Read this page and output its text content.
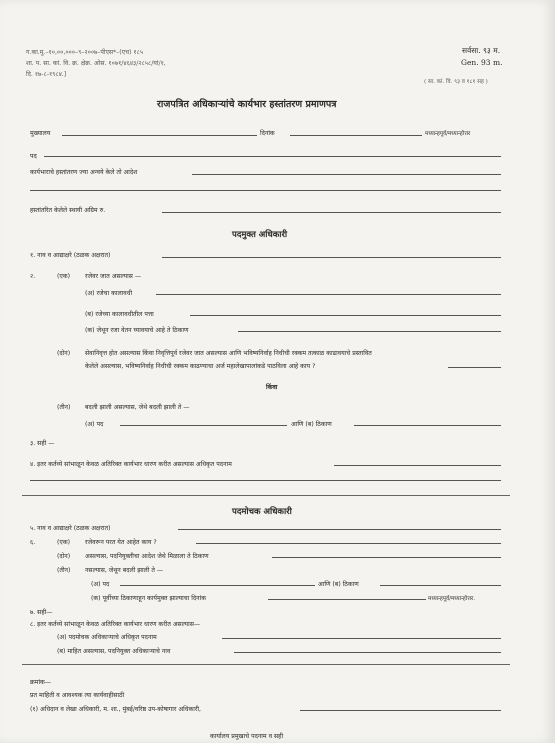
ग.का.मु.–१०,००,०००–९–२००७–पीएस*–(एच) १८५
शा. प. सा. कां. वि. क्र. क्षेक्र. ओस. १०७१/४६४३/२८५८/यां/१,
दि. १७-८-१९८४.]
सर्वसा. ९३ म.
Gen. 93 m.
( सा. कां. वि. ९३ व १८१ सह )
राजपत्रित अधिकाऱ्यांचे कार्यभार हस्तांतरण प्रमाणपत्र
मुख्यालय	दिनांक	मध्यान्हपूर्व/मध्यान्होत्तर
पद
कार्यभाराचे हस्तांतरण ज्या अन्वये केले तो आदेश
हस्तांतरित केलेले स्थायी अग्रिम रु.
पदमुक्त अधिकारी
१. नाव व आद्याक्षरे (ठळक अक्षरात)
२.	(एक) रजेवर जात असल्यास —
(अ) रजेचा कालावधी
(ब) रजेच्या कालावधीतील पत्ता
(क) जेथून रजा वेतन घ्यावयाचे आहे ते ठिकाण
(दोन) सेवानिवृत्त होत असल्यास किंवा निवृत्तिपूर्व रजेवर जात असल्यास आणि भविष्यनिर्वाह निधीची रक्कम तत्काळ काढावयाचे प्रस्तावित
केलेले असल्यास, भविष्यनिर्वाह निधीची रक्कम काढण्याचा अर्ज महालेखापालांकडे पाठविला आहे काय ?
किंवा
(तीन) बदली झाली असल्यास, जेथे बदली झाली ते —
(अ) पद	आणि (ब) ठिकाण
३. सही —
४. इतर कर्तव्ये सांभाळून केवळ अतिरिक्त कार्यभार धारण करीत असल्यास अधिकृत पदनाम
पदमोचक अधिकारी
५. नाव व आद्याक्षरे (ठळक अक्षरात)
६.	(एक) रजेवरून परत येत आहेत काय ?
(दोन) असल्यास, पदनियुक्तीचा आदेश जेथे मिळाला ते ठिकाण
(तीन) नसल्यास, जेथून बदली झाली ते —
(अ) पद	आणि (ब) ठिकाण
(क) पूर्वीच्या ठिकाणाहून कार्यमुक्त झाल्याचा दिनांक	मध्यान्हपूर्व/मध्यान्होत्तर.
७. सही—
८. इतर कर्तव्ये सांभाळून केवळ अतिरिक्त कार्यभार धारण करीत असल्यास—
(अ) पदमोचक अधिकाऱ्याचे अधिकृत पदनाम
(ब) माहित असल्यास, पदनियुक्त अधिकाऱ्याचे नाव
क्रमांक—
प्रत माहिती व आवश्यक त्या कार्यवाहीसाठी
(१) अधिदान व लेखा अधिकारी, म. शा., मुंबई/वरिष्ठ उप-कोषागार अधिकारी,
कार्यालय प्रमुखाचे पदनाम व सही
